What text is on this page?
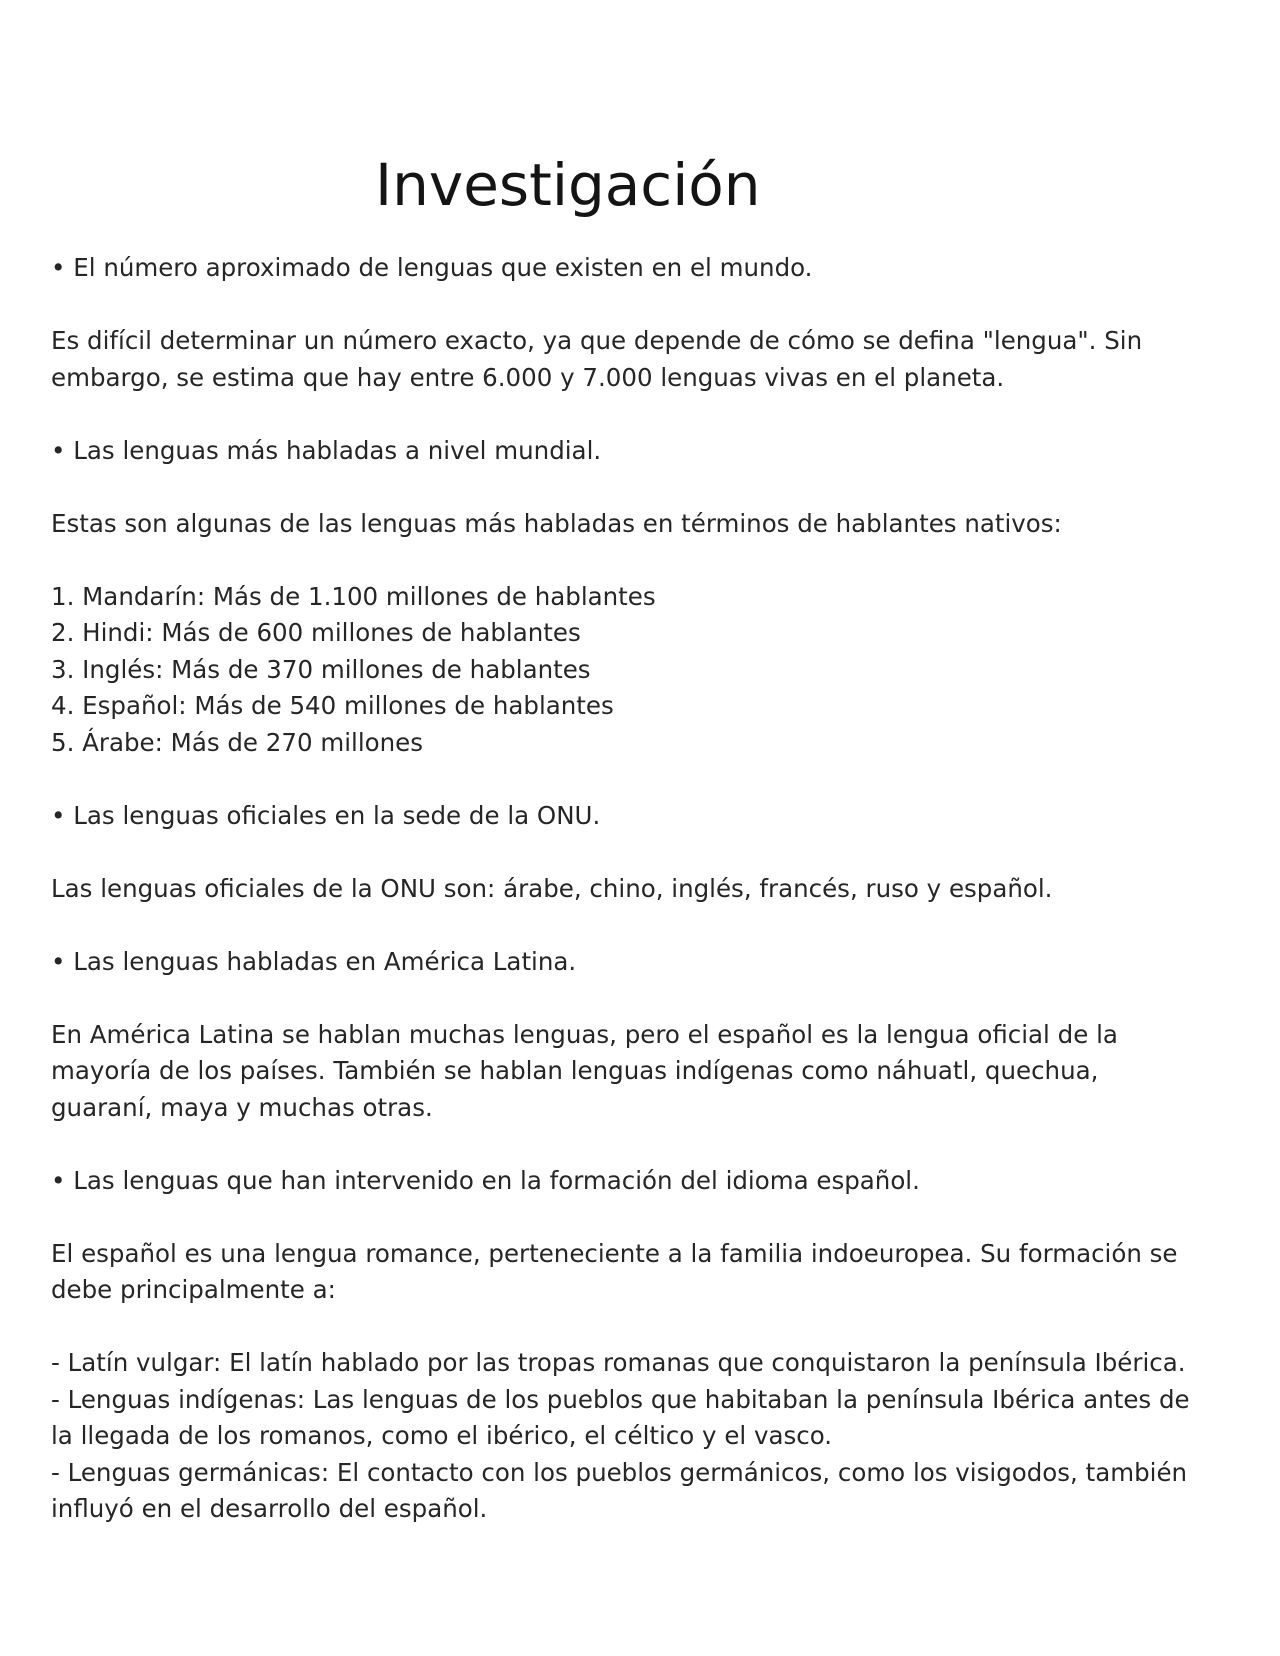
Investigación

• El número aproximado de lenguas que existen en el mundo.

Es difícil determinar un número exacto, ya que depende de cómo se defina "lengua". Sin embargo, se estima que hay entre 6.000 y 7.000 lenguas vivas en el planeta.

• Las lenguas más habladas a nivel mundial.

Estas son algunas de las lenguas más habladas en términos de hablantes nativos:

1. Mandarín: Más de 1.100 millones de hablantes
2. Hindi: Más de 600 millones de hablantes
3. Inglés: Más de 370 millones de hablantes
4. Español: Más de 540 millones de hablantes
5. Árabe: Más de 270 millones

• Las lenguas oficiales en la sede de la ONU.

Las lenguas oficiales de la ONU son: árabe, chino, inglés, francés, ruso y español.

• Las lenguas habladas en América Latina.

En América Latina se hablan muchas lenguas, pero el español es la lengua oficial de la mayoría de los países. También se hablan lenguas indígenas como náhuatl, quechua, guaraní, maya y muchas otras.

• Las lenguas que han intervenido en la formación del idioma español.

El español es una lengua romance, perteneciente a la familia indoeuropea. Su formación se debe principalmente a:

- Latín vulgar: El latín hablado por las tropas romanas que conquistaron la península Ibérica.

- Lenguas indígenas: Las lenguas de los pueblos que habitaban la península Ibérica antes de la llegada de los romanos, como el ibérico, el céltico y el vasco.

- Lenguas germánicas: El contacto con los pueblos germánicos, como los visigodos, también influyó en el desarrollo del español.
